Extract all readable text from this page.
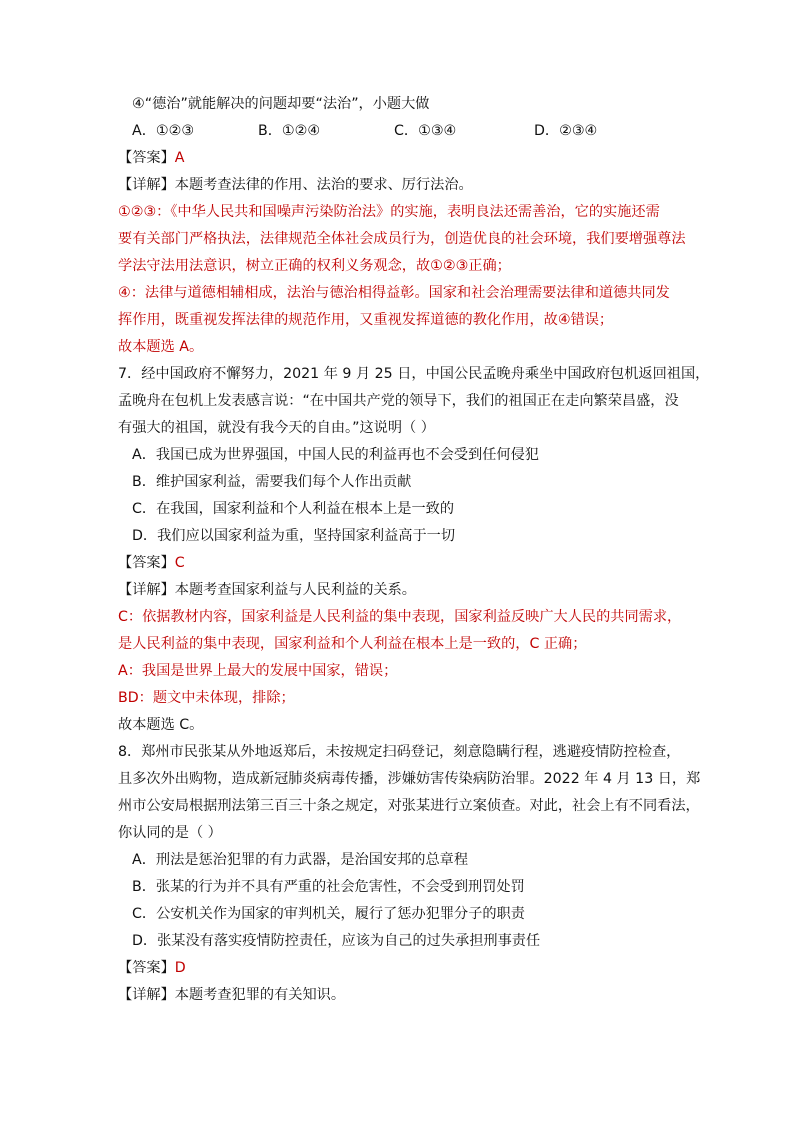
④“德治”就能解决的问题却要“法治”，小题大做
A．①②③	B．①②④	C．①③④	D．②③④
【答案】A
【详解】本题考查法律的作用、法治的要求、厉行法治。
①②③：《中华人民共和国噪声污染防治法》的实施，表明良法还需善治，它的实施还需
要有关部门严格执法，法律规范全体社会成员行为，创造优良的社会环境，我们要增强尊法
学法守法用法意识，树立正确的权利义务观念，故①②③正确；
④：法律与道德相辅相成，法治与德治相得益彰。国家和社会治理需要法律和道德共同发
挥作用，既重视发挥法律的规范作用，又重视发挥道德的教化作用，故④错误；
故本题选 A。
7．经中国政府不懈努力，2021 年 9 月 25 日，中国公民孟晚舟乘坐中国政府包机返回祖国，
孟晚舟在包机上发表感言说：“在中国共产党的领导下，我们的祖国正在走向繁荣昌盛，没
有强大的祖国，就没有我今天的自由。”这说明（ ）
A．我国已成为世界强国，中国人民的利益再也不会受到任何侵犯
B．维护国家利益，需要我们每个人作出贡献
C．在我国，国家利益和个人利益在根本上是一致的
D．我们应以国家利益为重，坚持国家利益高于一切
【答案】C
【详解】本题考查国家利益与人民利益的关系。
C：依据教材内容，国家利益是人民利益的集中表现，国家利益反映广大人民的共同需求，
是人民利益的集中表现，国家利益和个人利益在根本上是一致的，C 正确；
A：我国是世界上最大的发展中国家，错误；
BD：题文中未体现，排除；
故本题选 C。
8．郑州市民张某从外地返郑后，未按规定扫码登记，刻意隐瞒行程，逃避疫情防控检查，
且多次外出购物，造成新冠肺炎病毒传播，涉嫌妨害传染病防治罪。2022 年 4 月 13 日，郑
州市公安局根据刑法第三百三十条之规定，对张某进行立案侦查。对此，社会上有不同看法，
你认同的是（ ）
A．刑法是惩治犯罪的有力武器，是治国安邦的总章程
B．张某的行为并不具有严重的社会危害性，不会受到刑罚处罚
C．公安机关作为国家的审判机关，履行了惩办犯罪分子的职责
D．张某没有落实疫情防控责任，应该为自己的过失承担刑事责任
【答案】D
【详解】本题考查犯罪的有关知识。
